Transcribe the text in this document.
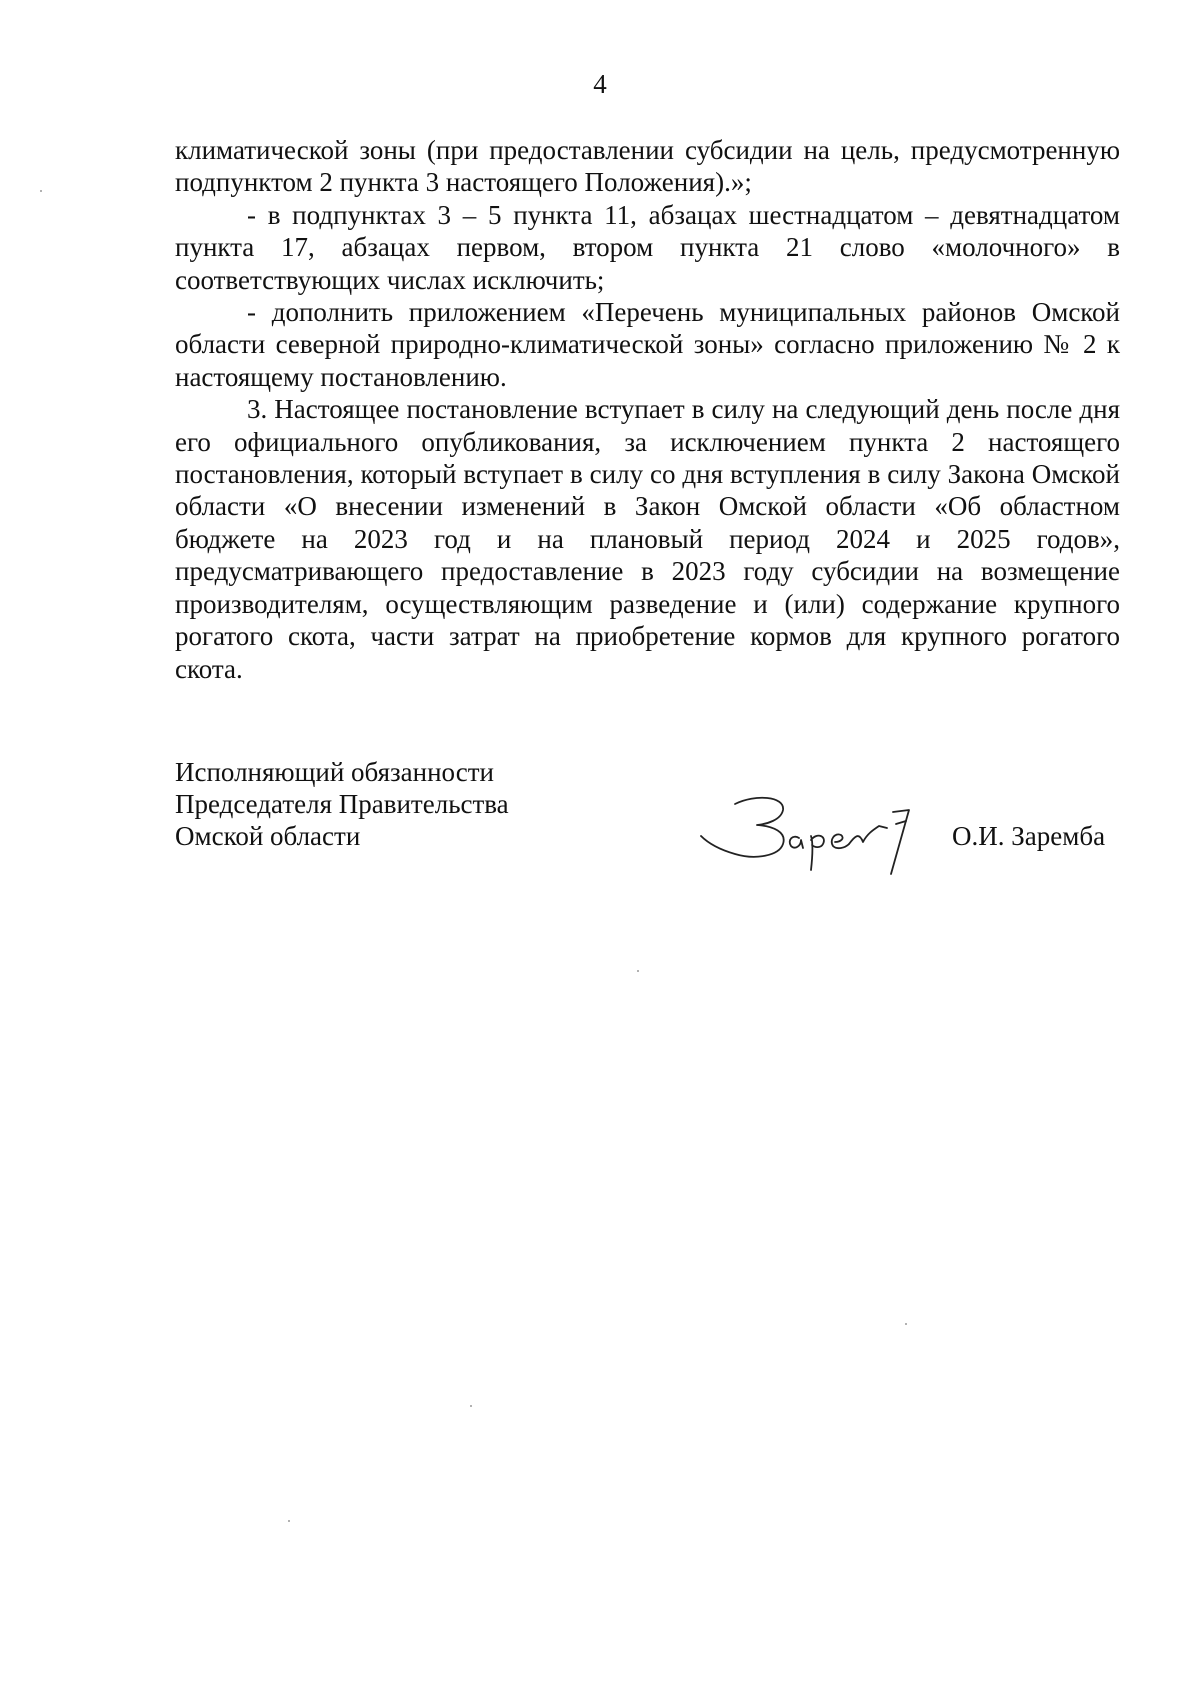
4

климатической зоны (при предоставлении субсидии на цель, предусмотренную подпунктом 2 пункта 3 настоящего Положения).»;

- в подпунктах 3 – 5 пункта 11, абзацах шестнадцатом – девятнадцатом пункта 17, абзацах первом, втором пункта 21 слово «молочного» в соответствующих числах исключить;

- дополнить приложением «Перечень муниципальных районов Омской области северной природно-климатической зоны» согласно приложению № 2 к настоящему постановлению.

3. Настоящее постановление вступает в силу на следующий день после дня его официального опубликования, за исключением пункта 2 настоящего постановления, который вступает в силу со дня вступления в силу Закона Омской области «О внесении изменений в Закон Омской области «Об областном бюджете на 2023 год и на плановый период 2024 и 2025 годов», предусматривающего предоставление в 2023 году субсидии на возмещение производителям, осуществляющим разведение и (или) содержание крупного рогатого скота, части затрат на приобретение кормов для крупного рогатого скота.

Исполняющий обязанности
Председателя Правительства
Омской области	О.И. Заремба
